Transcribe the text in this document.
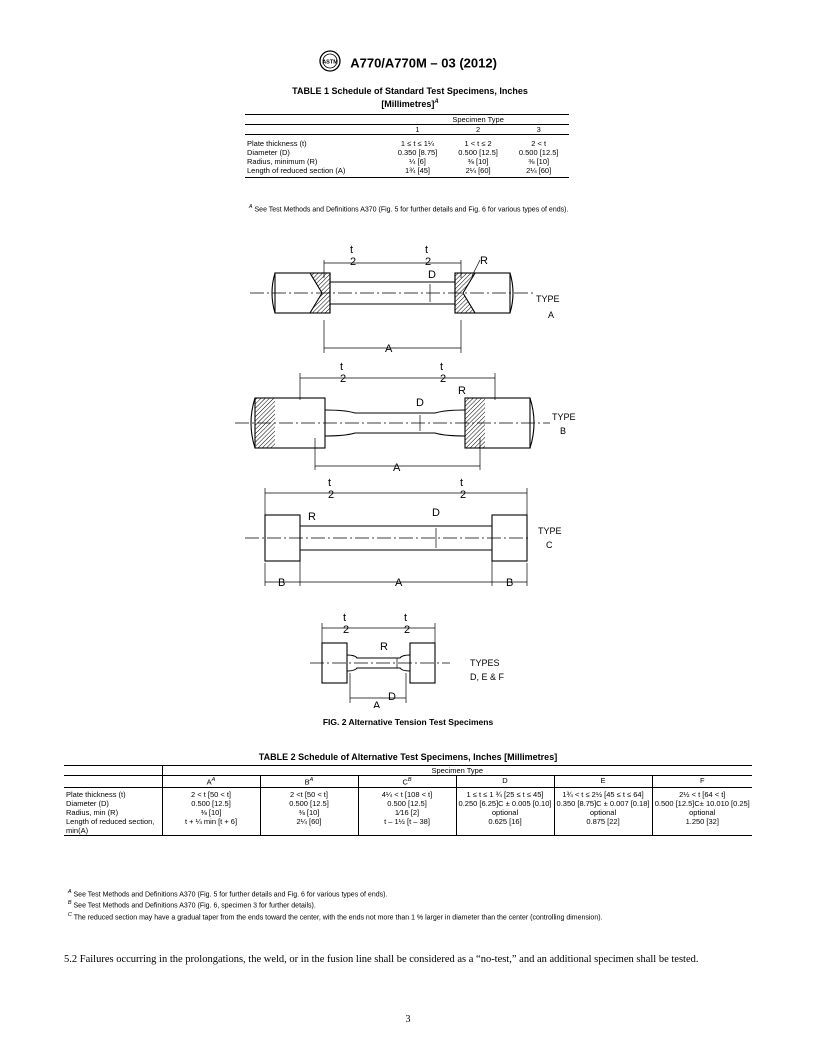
ASTM A770/A770M – 03 (2012)
TABLE 1 Schedule of Standard Test Specimens, Inches
[Millimetres]$^A$
	Specimen Type		
	1	2	3

Plate thickness (t)	1 ≤ t ≤ 1¼	1 < t ≤ 2	2 < t
Diameter (D)	0.350 [8.75]	0.500 [12.5]	0.500 [12.5]
Radius, minimum (R)	¼ [6]	⅜ [10]	⅜ [10]
Length of reduced section (A)	1¾ [45]	2¼ [60]	2¼ [60]
$^A$ See Test Methods and Definitions A370 (Fig. 5 for further details and Fig. 6 for various types of ends).
t
2
t
2	R
D
A
TYPE
A
t
2
t
2
R
D
A
TYPE
B
t
2
t
2
R	D
A
B	B
TYPE
C
t
2
t
2
R
D
A
TYPES
D, E & F
FIG. 2 Alternative Tension Test Specimens
TABLE 2 Schedule of Alternative Test Specimens, Inches [Millimetres]
	Specimen Type					
	$A^A$	$B^A$	$C^B$	D	E	F

Plate thickness (t)	2 < t [50 < t]	2 <t [50 < t]	4¼ < t [108 < t]	1 ≤ t ≤ 1 ¾ [25 ≤ t ≤ 45]	1¾ < t ≤ 2½ [45 ≤ t ≤ 64]	2½ < t [64 < t]
Diameter (D)	0.500 [12.5]	0.500 [12.5]	0.500 [12.5]	0.250 [6.25]C ± 0.005 [0.10]	0.350 [8.75]C ± 0.007 [0.18]	0.500 [12.5]C± 10.010 [0.25]
Radius, min (R)	⅜ [10]	⅜ [10]	1⁄16 [2]	optional	optional	optional
Length of reduced section, min(A)	t + ¼ min [t + 6]	2¼ [60]	t – 1½ [t – 38]	0.625 [16]	0.875 [22]	1.250 [32]
$^A$ See Test Methods and Definitions A370 (Fig. 5 for further details and Fig. 6 for various types of ends).
$^B$ See Test Methods and Definitions A370 (Fig. 6, specimen 3 for further details).
$^C$ The reduced section may have a gradual taper from the ends toward the center, with the ends not more than 1 % larger in diameter than the center (controlling dimension).
5.2 Failures occurring in the prolongations, the weld, or in the fusion line shall be considered as a “no-test,” and an additional specimen shall be tested.
3
